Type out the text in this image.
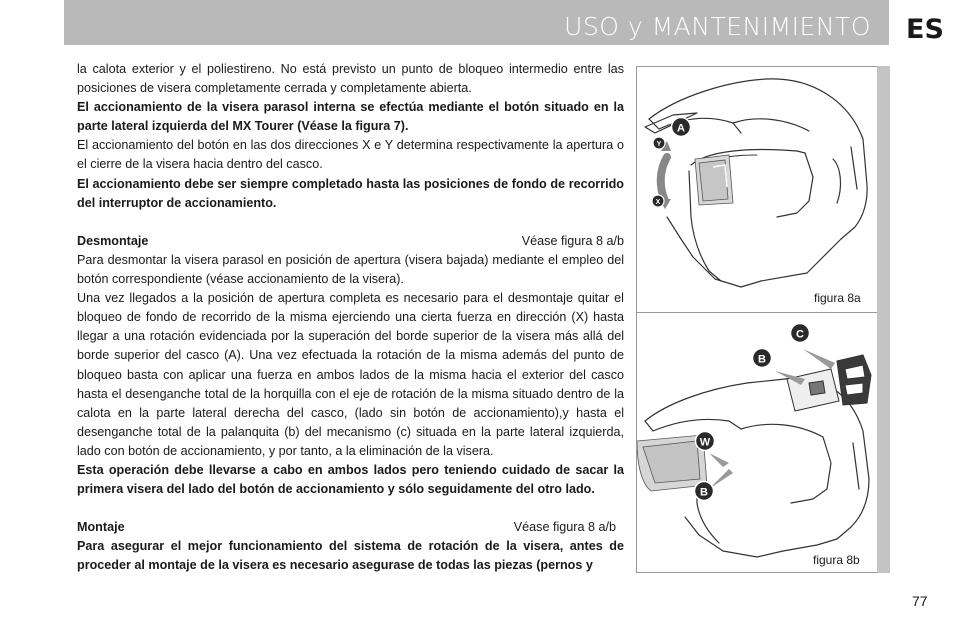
USO y MANTENIMIENTO ES

la calota exterior y el poliestireno. No está previsto un punto de bloqueo intermedio entre las posiciones de visera completamente cerrada y completamente abierta.

El accionamiento de la visera parasol interna se efectúa mediante el botón situado en la parte lateral izquierda del MX Tourer (Véase la figura 7).

El accionamiento del botón en las dos direcciones X e Y determina respectivamente la apertura o el cierre de la visera hacia dentro del casco.

El accionamiento debe ser siempre completado hasta las posiciones de fondo de recorrido del interruptor de accionamiento.

Desmontaje	Véase figura 8 a/b

Para desmontar la visera parasol en posición de apertura (visera bajada) mediante el empleo del botón correspondiente (véase accionamiento de la visera).

Una vez llegados a la posición de apertura completa es necesario para el desmontaje quitar el bloqueo de fondo de recorrido de la misma ejerciendo una cierta fuerza en dirección (X) hasta llegar a una rotación evidenciada por la superación del borde superior de la visera más allá del borde superior del casco (A). Una vez efectuada la rotación de la misma además del punto de bloqueo basta con aplicar una fuerza en ambos lados de la misma hacia el exterior del casco hasta el desenganche total de la horquilla con el eje de rotación de la misma situado dentro de la calota en la parte lateral derecha del casco, (lado sin botón de accionamiento),y hasta el desenganche total de la palanquita (b) del mecanismo (c) situada en la parte lateral izquierda, lado con botón de accionamiento, y por tanto, a la eliminación de la visera.

Esta operación debe llevarse a cabo en ambos lados pero teniendo cuidado de sacar la primera visera del lado del botón de accionamiento y sólo seguidamente del otro lado.

Montaje	Véase figura 8 a/b

Para asegurar el mejor funcionamiento del sistema de rotación de la visera, antes de proceder al montaje de la visera es necesario asegurase de todas las piezas (pernos y

A
Y
X
figura 8a
C
B
W
B
figura 8b
77
